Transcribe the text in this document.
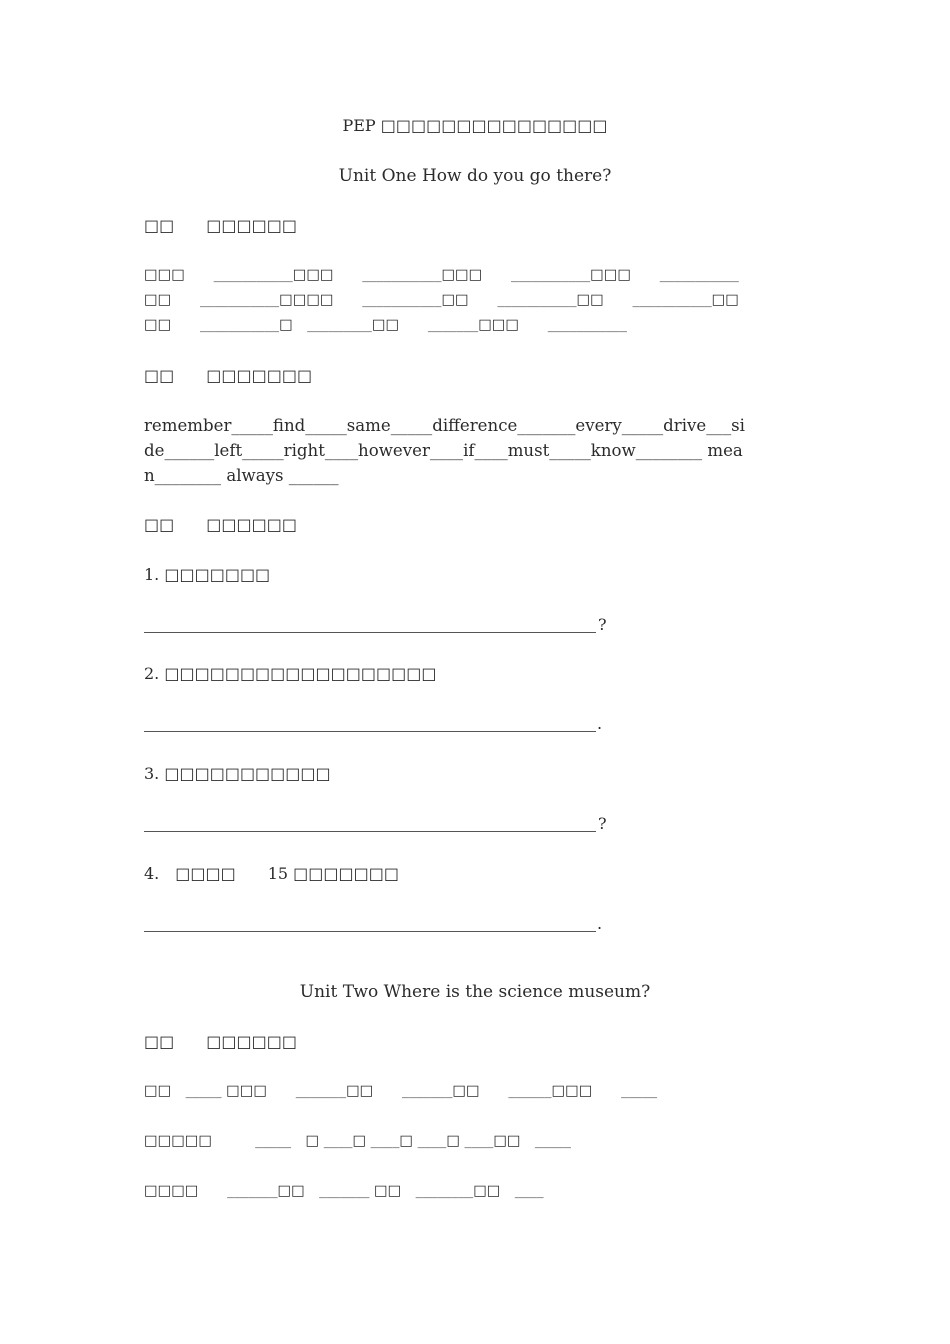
PEP □□□□□□□□□□□□□□□
Unit One How do you go there?
□□　　□□□□□□
□□□　　___________□□□　　___________□□□　　___________□□□　　___________
□□　　___________□□□□　　___________□□　　___________□□　　___________□□
□□　　___________□　_________□□　　_______□□□　　___________
□□　　□□□□□□□
remember_____find_____same_____difference_______every_____drive___si
de______left_____right____however____if____must_____know________ mea
n________ always ______
□□　　□□□□□□
1. □□□□□□□
?
2. □□□□□□□□□□□□□□□□□□
.
3. □□□□□□□□□□□
?
4.　□□□□　　15 □□□□□□□
.
Unit Two Where is the science museum?
□□　　□□□□□□
□□　_____ □□□　　_______□□　　_______□□　　______□□□　　_____
□□□□□　　　_____　□ ____□ ____□ ____□ ____□□　_____
□□□□　　_______□□　_______ □□　________□□　____
